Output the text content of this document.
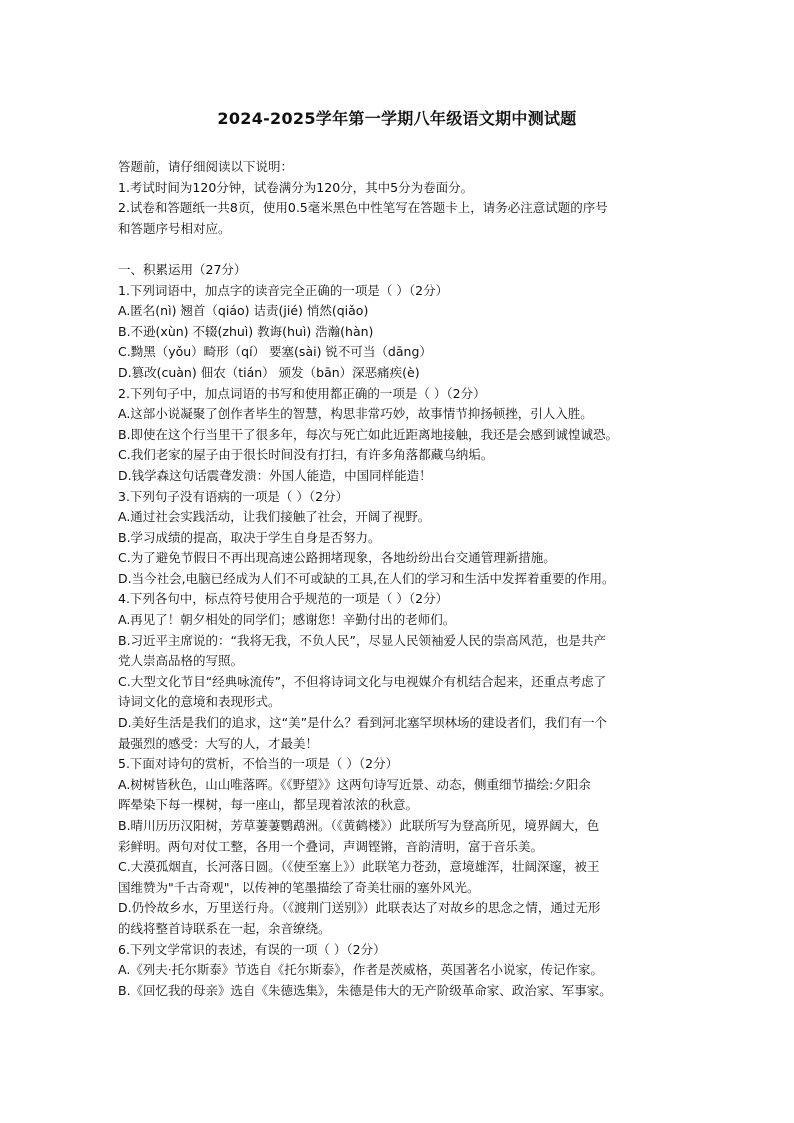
2024-2025学年第一学期八年级语文期中测试题
答题前，请仔细阅读以下说明：
1.考试时间为120分钟，试卷满分为120分，其中5分为卷面分。
2.试卷和答题纸一共8页，使用0.5毫米黑色中性笔写在答题卡上，请务必注意试题的序号
和答题序号相对应。
一、积累运用（27分）
1.下列词语中，加点字的读音完全正确的一项是（ ）（2分）
A.匿名(nì) 翘首（qiáo) 诘责(jié) 悄然(qiǎo)
B.不逊(xùn) 不辍(zhuì) 教诲(huì) 浩瀚(hàn)
C.黝黑（yǒu）畸形（qí） 要塞(sài) 锐不可当（dāng）
D.篡改(cuàn) 佃农（tián） 颁发（bān）深恶痛疾(è)
2.下列句子中，加点词语的书写和使用都正确的一项是（ ）（2分）
A.这部小说凝聚了创作者毕生的智慧，构思非常巧妙，故事情节抑扬顿挫，引人入胜。
B.即使在这个行当里干了很多年，每次与死亡如此近距离地接触，我还是会感到诚惶诚恐。
C.我们老家的屋子由于很长时间没有打扫，有许多角落都藏乌纳垢。
D.钱学森这句话震聋发溃：外国人能造，中国同样能造！
3.下列句子没有语病的一项是（ ）（2分）
A.通过社会实践活动，让我们接触了社会，开阔了视野。
B.学习成绩的提高，取决于学生自身是否努力。
C.为了避免节假日不再出现高速公路拥堵现象，各地纷纷出台交通管理新措施。
D.当今社会,电脑已经成为人们不可或缺的工具,在人们的学习和生活中发挥着重要的作用。
4.下列各句中，标点符号使用合乎规范的一项是（ ）（2分）
A.再见了！朝夕相处的同学们；感谢您！辛勤付出的老师们。
B.习近平主席说的：“我将无我，不负人民”，尽显人民领袖爱人民的崇高风范，也是共产
党人崇高品格的写照。
C.大型文化节目“经典咏流传”，不但将诗词文化与电视媒介有机结合起来，还重点考虑了
诗词文化的意境和表现形式。
D.美好生活是我们的追求，这“美”是什么？看到河北塞罕坝林场的建设者们，我们有一个
最强烈的感受：大写的人，才最美！
5.下面对诗句的赏析，不恰当的一项是（ ）（2分）
A.树树皆秋色，山山唯落晖。《《野望》》这两句诗写近景、动态，侧重细节描绘:夕阳余
晖晕染下每一棵树，每一座山，都呈现着浓浓的秋意。
B.晴川历历汉阳树，芳草萋萋鹦鹉洲。（《黄鹤楼》）此联所写为登高所见，境界阔大，色
彩鲜明。两句对仗工整，各用一个叠词，声调铿锵，音韵清明，富于音乐美。
C.大漠孤烟直，长河落日圆。（《使至塞上》）此联笔力苍劲，意境雄浑，壮阔深邃，被王
国维赞为"千古奇观"，以传神的笔墨描绘了奇美壮丽的塞外风光。
D.仍怜故乡水，万里送行舟。（《渡荆门送别》）此联表达了对故乡的思念之情，通过无形
的线将整首诗联系在一起，余音缭绕。
6.下列文学常识的表述，有误的一项（ ）（2分）
A.《列夫·托尔斯泰》节选自《托尔斯泰》，作者是茨威格，英国著名小说家，传记作家。
B.《回忆我的母亲》选自《朱德选集》，朱德是伟大的无产阶级革命家、政治家、军事家。
